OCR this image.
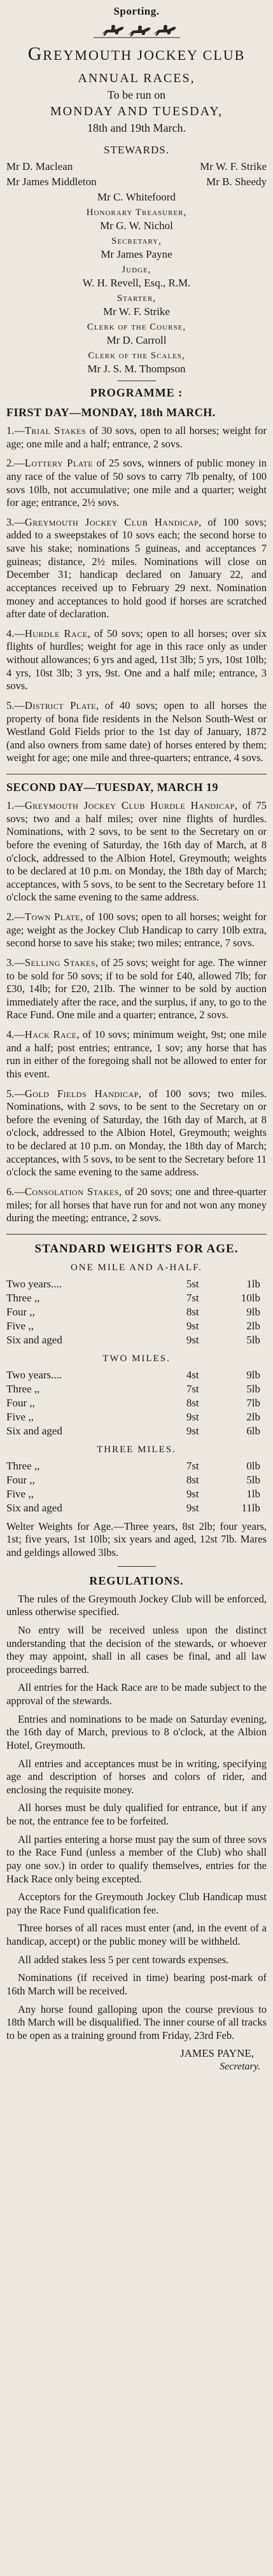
Sporting.
GREYMOUTH JOCKEY CLUB
ANNUAL RACES,
To be run on
MONDAY AND TUESDAY,
18th and 19th March.
STEWARDS.
Mr D. Maclean	Mr W. F. Strike
Mr James Middleton	Mr B. Sheedy
Mr C. Whitefoord
Honorary Treasurer,
Mr G. W. Nichol
Secretary,
Mr James Payne
Judge,
W. H. Revell, Esq., R.M.
Starter,
Mr W. F. Strike
Clerk of the Course,
Mr D. Carroll
Clerk of the Scales,
Mr J. S. M. Thompson
PROGRAMME :
FIRST DAY—MONDAY, 18th MARCH.

1.—Trial Stakes of 30 sovs, open to all horses; weight for age; one mile and a half; entrance, 2 sovs.

2.—Lottery Plate of 25 sovs, winners of public money in any race of the value of 50 sovs to carry 7lb penalty, of 100 sovs 10lb, not accumulative; one mile and a quarter; weight for age; entrance, 2½ sovs.

3.—Greymouth Jockey Club Handicap, of 100 sovs; added to a sweepstakes of 10 sovs each; the second horse to save his stake; nominations 5 guineas, and acceptances 7 guineas; distance, 2½ miles. Nominations will close on December 31; handicap declared on January 22, and acceptances received up to February 29 next. Nomination money and acceptances to hold good if horses are scratched after date of declaration.

4.—Hurdle Race, of 50 sovs; open to all horses; over six flights of hurdles; weight for age in this race only as under without allowances; 6 yrs and aged, 11st 3lb; 5 yrs, 10st 10lb; 4 yrs, 10st 3lb; 3 yrs, 9st. One and a half mile; entrance, 3 sovs.

5.—District Plate, of 40 sovs; open to all horses the property of bona fide residents in the Nelson South-West or Westland Gold Fields prior to the 1st day of January, 1872 (and also owners from same date) of horses entered by them; weight for age; one mile and three-quarters; entrance, 4 sovs.

SECOND DAY—TUESDAY, MARCH 19

1.—Greymouth Jockey Club Hurdle Handicap, of 75 sovs; two and a half miles; over nine flights of hurdles. Nominations, with 2 sovs, to be sent to the Secretary on or before the evening of Saturday, the 16th day of March, at 8 o'clock, addressed to the Albion Hotel, Greymouth; weights to be declared at 10 p.m. on Monday, the 18th day of March; acceptances, with 5 sovs, to be sent to the Secretary before 11 o'clock the same evening to the same address.

2.—Town Plate, of 100 sovs; open to all horses; weight for age; weight as the Jockey Club Handicap to carry 10lb extra, second horse to save his stake; two miles; entrance, 7 sovs.

3.—Selling Stakes, of 25 sovs; weight for age. The winner to be sold for 50 sovs; if to be sold for £40, allowed 7lb; for £30, 14lb; for £20, 21lb. The winner to be sold by auction immediately after the race, and the surplus, if any, to go to the Race Fund. One mile and a quarter; entrance, 2 sovs.

4.—Hack Race, of 10 sovs; minimum weight, 9st; one mile and a half; post entries; entrance, 1 sov; any horse that has run in either of the foregoing shall not be allowed to enter for this event.

5.—Gold Fields Handicap, of 100 sovs; two miles. Nominations, with 2 sovs, to be sent to the Secretary on or before the evening of Saturday, the 16th day of March, at 8 o'clock, addressed to the Albion Hotel, Greymouth; weights to be declared at 10 p.m. on Monday, the 18th day of March; acceptances, with 5 sovs, to be sent to the Secretary before 11 o'clock the same evening to the same address.

6.—Consolation Stakes, of 20 sovs; one and three-quarter miles; for all horses that have run for and not won any money during the meeting; entrance, 2 sovs.

STANDARD WEIGHTS FOR AGE.
ONE MILE AND A-HALF.
Two years....	5st	1lb
Three ,,	7st	10lb
Four ,,	8st	9lb
Five ,,	9st	2lb
Six and aged	9st	5lb
TWO MILES.
Two years....	4st	9lb
Three ,,	7st	5lb
Four ,,	8st	7lb
Five ,,	9st	2lb
Six and aged	9st	6lb
THREE MILES.
Three ,,	7st	0lb
Four ,,	8st	5lb
Five ,,	9st	1lb
Six and aged	9st	11lb

Welter Weights for Age.—Three years, 8st 2lb; four years, 1st; five years, 1st 10lb; six years and aged, 12st 7lb. Mares and geldings allowed 3lbs.

REGULATIONS.

The rules of the Greymouth Jockey Club will be enforced, unless otherwise specified.

No entry will be received unless upon the distinct understanding that the decision of the stewards, or whoever they may appoint, shall in all cases be final, and all law proceedings barred.

All entries for the Hack Race are to be made subject to the approval of the stewards.

Entries and nominations to be made on Saturday evening, the 16th day of March, previous to 8 o'clock, at the Albion Hotel, Greymouth.

All entries and acceptances must be in writing, specifying age and description of horses and colors of rider, and enclosing the requisite money.

All horses must be duly qualified for entrance, but if any be not, the entrance fee to be forfeited.

All parties entering a horse must pay the sum of three sovs to the Race Fund (unless a member of the Club) who shall pay one sov.) in order to qualify themselves, entries for the Hack Race only being excepted.

Acceptors for the Greymouth Jockey Club Handicap must pay the Race Fund qualification fee.

Three horses of all races must enter (and, in the event of a handicap, accept) or the public money will be withheld.

All added stakes less 5 per cent towards expenses.

Nominations (if received in time) bearing post-mark of 16th March will be received.

Any horse found galloping upon the course previous to 18th March will be disqualified. The inner course of all tracks to be open as a training ground from Friday, 23rd Feb.

JAMES PAYNE,
Secretary.
